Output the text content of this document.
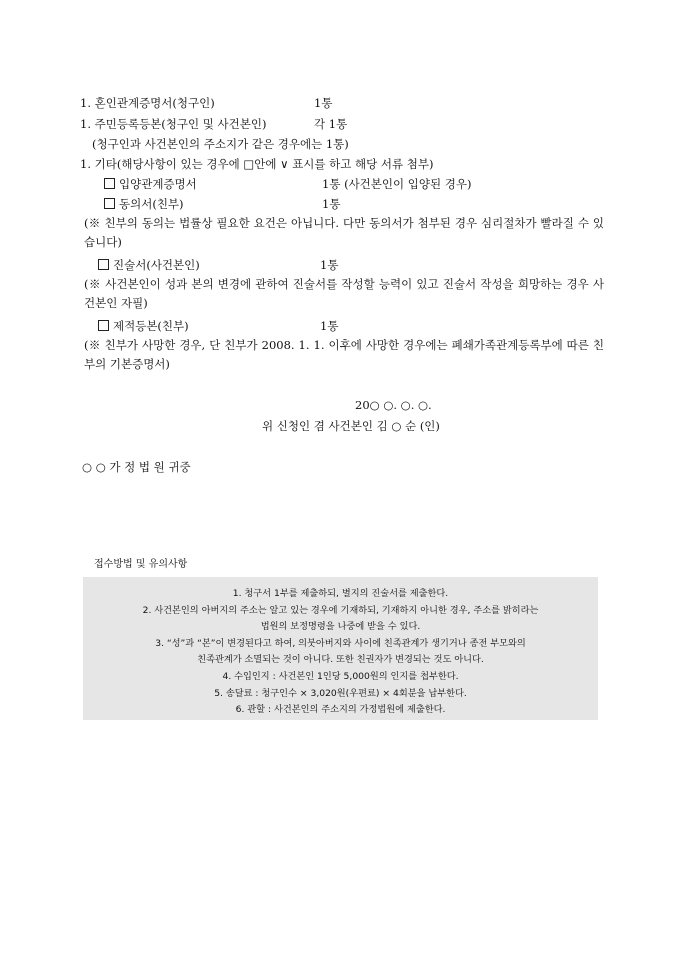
1. 혼인관계증명서(청구인)	1통
1. 주민등록등본(청구인 및 사건본인)	각 1통
(청구인과 사건본인의 주소지가 같은 경우에는 1통)
1. 기타(해당사항이 있는 경우에 □안에 ∨ 표시를 하고 해당 서류 첨부)
입양관계증명서	1통 (사건본인이 입양된 경우)
동의서(친부)	1통
(※ 친부의 동의는 법률상 필요한 요건은 아닙니다. 다만 동의서가 첨부된 경우 심리절차가 빨라질 수 있습니다)
진술서(사건본인)	1통
(※ 사건본인이 성과 본의 변경에 관하여 진술서를 작성할 능력이 있고 진술서 작성을 희망하는 경우 사건본인 자필)
제적등본(친부)	1통
(※ 친부가 사망한 경우, 단 친부가 2008. 1. 1. 이후에 사망한 경우에는 폐쇄가족관계등록부에 따른 친부의 기본증명서)
20○ ○. ○. ○.
위 신청인 겸 사건본인 김 ○ 순 (인)
○ ○ 가 정 법 원 귀중
접수방법 및 유의사항
1. 청구서 1부를 제출하되, 별지의 진술서를 제출한다.
2. 사건본인의 아버지의 주소는 알고 있는 경우에 기재하되, 기재하지 아니한 경우, 주소를 밝히라는
법원의 보정명령을 나중에 받을 수 있다.
3. “성”과 “본”이 변경된다고 하여, 의붓아버지와 사이에 친족관계가 생기거나 종전 부모와의
친족관계가 소멸되는 것이 아니다. 또한 친권자가 변경되는 것도 아니다.
4. 수입인지 : 사건본인 1인당 5,000원의 인지를 첩부한다.
5. 송달료 : 청구인수 × 3,020원(우편료) × 4회분을 납부한다.
6. 관할 : 사건본인의 주소지의 가정법원에 제출한다.
